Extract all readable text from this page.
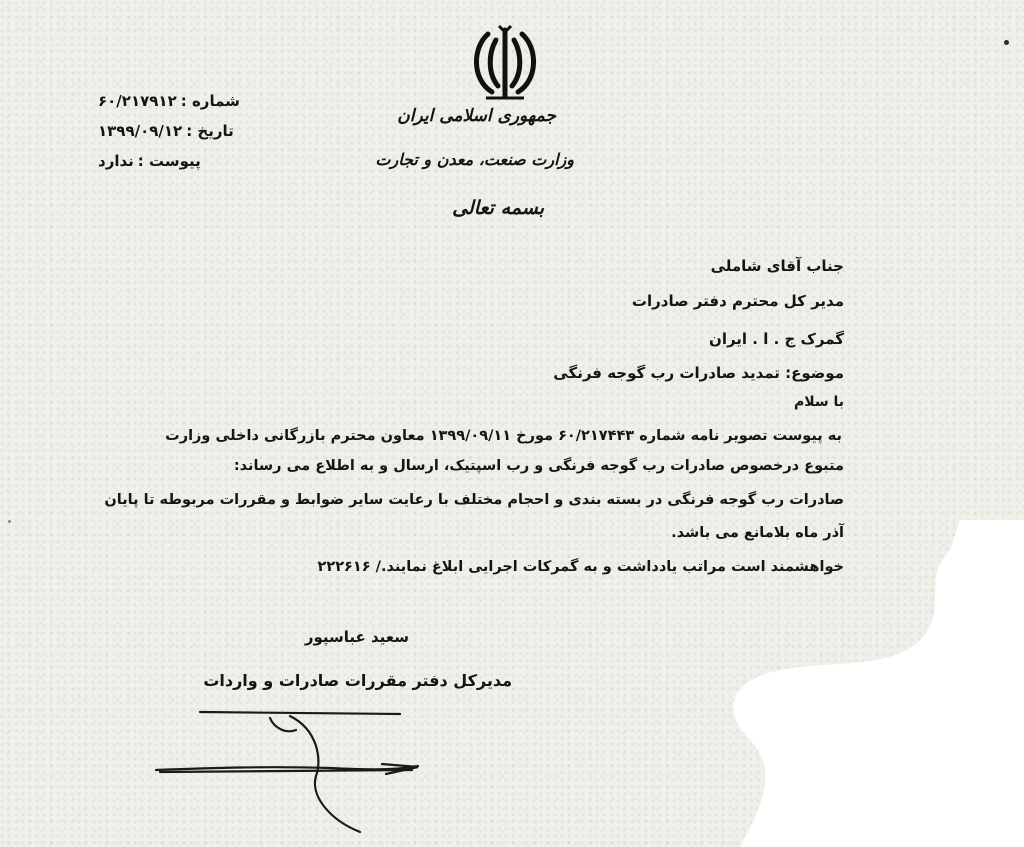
جمهوری اسلامی ایران
وزارت صنعت، معدن و تجارت
بسمه تعالی
شماره :
۶۰/۲۱۷۹۱۲
تاریخ :
۱۳۹۹/۰۹/۱۲
پیوست :
ندارد
جناب آقای شاملی
مدیر کل محترم دفتر صادرات
گمرک ج . ا . ایران
موضوع: تمدید صادرات رب گوجه فرنگی
با سلام
به پیوست تصویر نامه شماره ۶۰/۲۱۷۴۴۳ مورخ ۱۳۹۹/۰۹/۱۱ معاون محترم بازرگانی داخلی وزارت
متبوع درخصوص صادرات رب گوجه فرنگی و رب اسپتیک، ارسال و به اطلاع می رساند:
صادرات رب گوجه فرنگی در بسته بندی و احجام مختلف با رعایت سایر ضوابط و مقررات مربوطه تا پایان
آذر ماه بلامانع می باشد.
خواهشمند است مراتب یادداشت و به گمرکات اجرایی ابلاغ نمایند./ ۲۲۲۶۱۶
سعید عباسپور
مدیرکل دفتر مقررات صادرات و واردات
